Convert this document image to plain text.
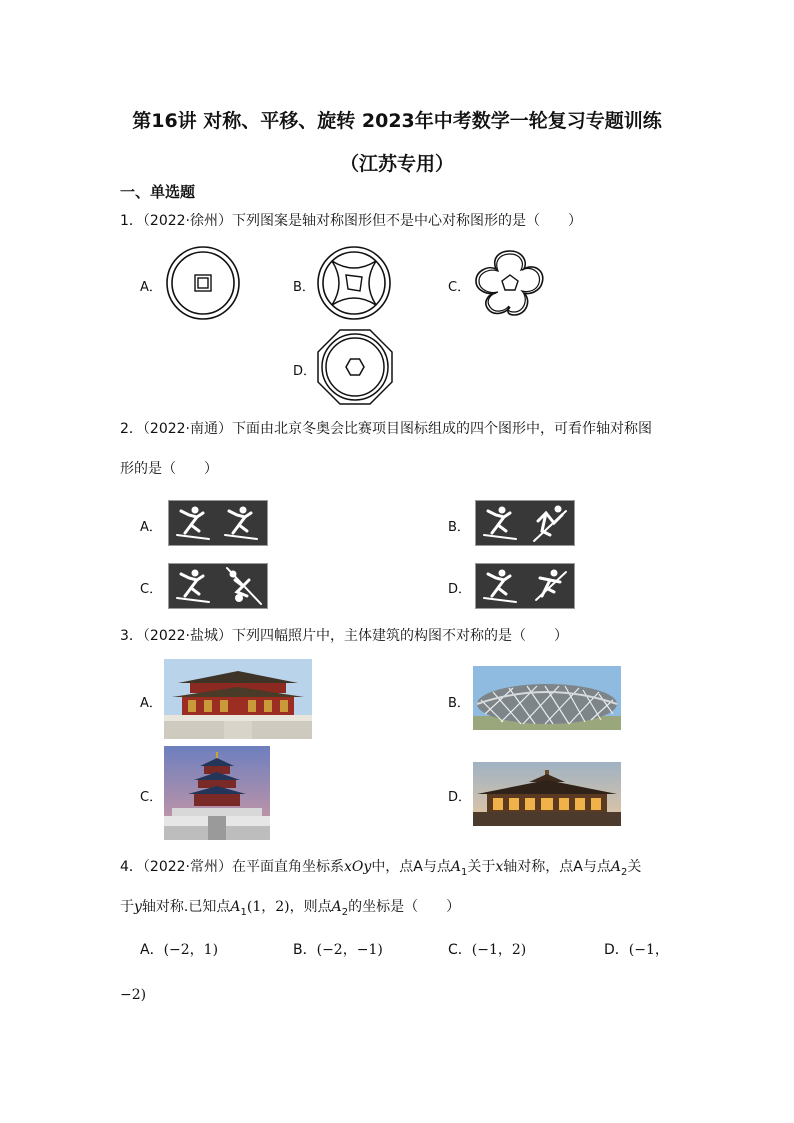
第16讲 对称、平移、旋转 2023年中考数学一轮复习专题训练
（江苏专用）
一、单选题
1．（2022·徐州）下列图案是轴对称图形但不是中心对称图形的是（　　）
A．	B．	C．
D．
2．（2022·南通）下面由北京冬奥会比赛项目图标组成的四个图形中，可看作轴对称图
形的是（　　）
A．	B．
C．	D．
3．（2022·盐城）下列四幅照片中，主体建筑的构图不对称的是（　　）
A．	B．
C．	D．
4．（2022·常州）在平面直角坐标系xOy中，点A与点$A_1$关于x轴对称，点A与点$A_2$关
于y轴对称.已知点$A_1(1$，2)，则点$A_2$的坐标是（　　）
A．(−2，1)	B．(−2，−1)	C．(−1，2)	D．(−1，
−2)
